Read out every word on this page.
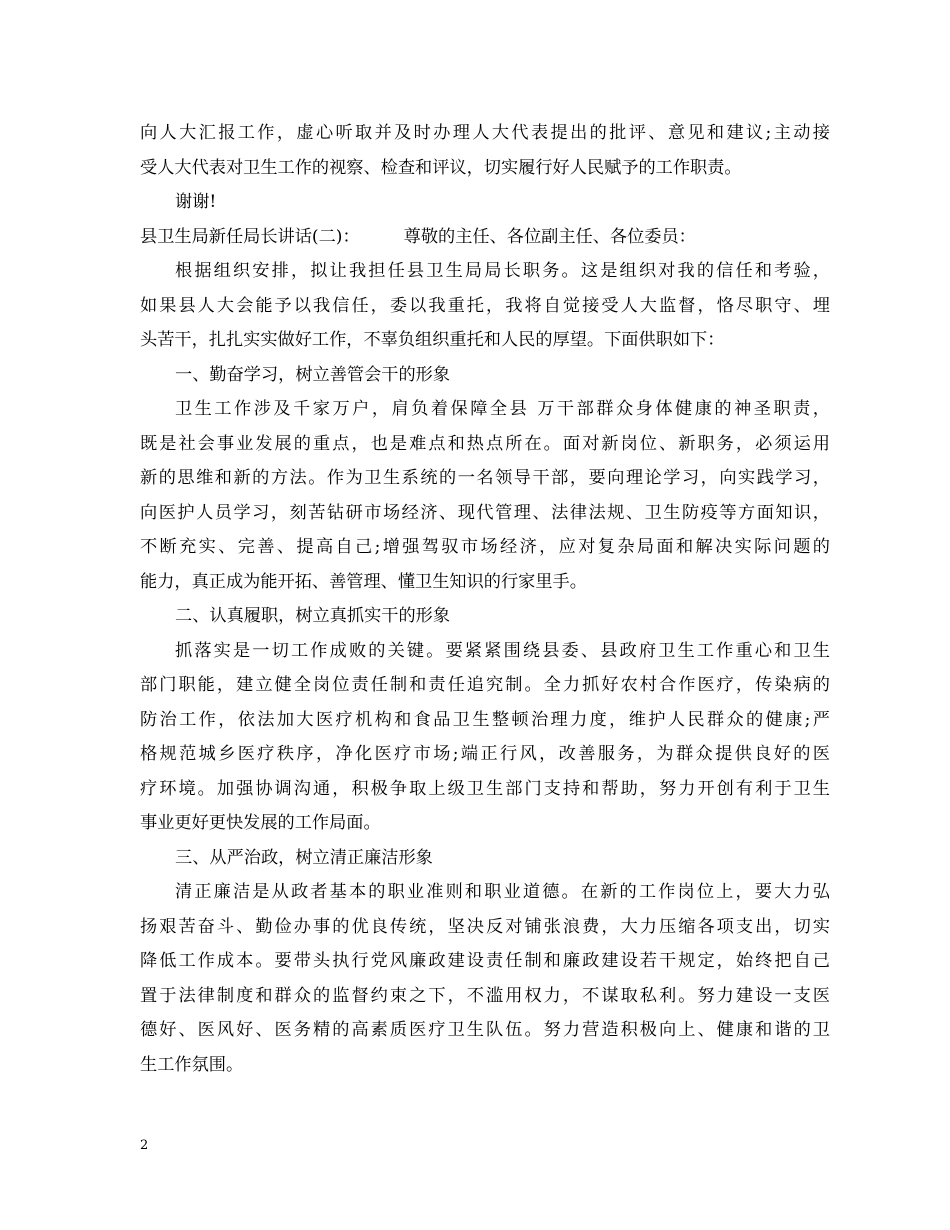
向人大汇报工作，虚心听取并及时办理人大代表提出的批评、意见和建议;主动接
受人大代表对卫生工作的视察、检查和评议，切实履行好人民赋予的工作职责。
谢谢!
县卫生局新任局长讲话(二)：	尊敬的主任、各位副主任、各位委员：
根据组织安排，拟让我担任县卫生局局长职务。这是组织对我的信任和考验，
如果县人大会能予以我信任，委以我重托，我将自觉接受人大监督，恪尽职守、埋
头苦干，扎扎实实做好工作，不辜负组织重托和人民的厚望。下面供职如下：
一、勤奋学习，树立善管会干的形象
卫生工作涉及千家万户，肩负着保障全县 万干部群众身体健康的神圣职责，
既是社会事业发展的重点，也是难点和热点所在。面对新岗位、新职务，必须运用
新的思维和新的方法。作为卫生系统的一名领导干部，要向理论学习，向实践学习，
向医护人员学习，刻苦钻研市场经济、现代管理、法律法规、卫生防疫等方面知识，
不断充实、完善、提高自己;增强驾驭市场经济，应对复杂局面和解决实际问题的
能力，真正成为能开拓、善管理、懂卫生知识的行家里手。
二、认真履职，树立真抓实干的形象
抓落实是一切工作成败的关键。要紧紧围绕县委、县政府卫生工作重心和卫生
部门职能，建立健全岗位责任制和责任追究制。全力抓好农村合作医疗，传染病的
防治工作，依法加大医疗机构和食品卫生整顿治理力度，维护人民群众的健康;严
格规范城乡医疗秩序，净化医疗市场;端正行风，改善服务，为群众提供良好的医
疗环境。加强协调沟通，积极争取上级卫生部门支持和帮助，努力开创有利于卫生
事业更好更快发展的工作局面。
三、从严治政，树立清正廉洁形象
清正廉洁是从政者基本的职业准则和职业道德。在新的工作岗位上，要大力弘
扬艰苦奋斗、勤俭办事的优良传统，坚决反对铺张浪费，大力压缩各项支出，切实
降低工作成本。要带头执行党风廉政建设责任制和廉政建设若干规定，始终把自己
置于法律制度和群众的监督约束之下，不滥用权力，不谋取私利。努力建设一支医
德好、医风好、医务精的高素质医疗卫生队伍。努力营造积极向上、健康和谐的卫
生工作氛围。
2
